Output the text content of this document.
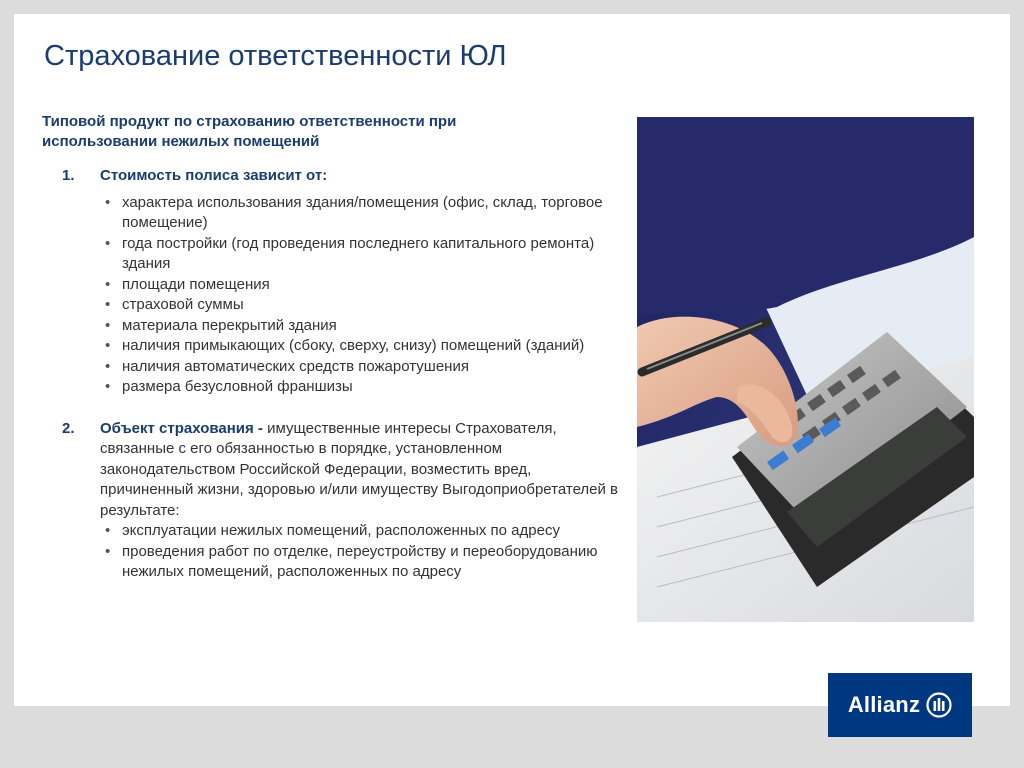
Страхование ответственности ЮЛ

Типовой продукт по страхованию ответственности при использовании нежилых помещений

1. Стоимость полиса зависит от:
• характера использования здания/помещения (офис, склад, торговое помещение)
• года постройки (год проведения последнего капитального ремонта) здания
• площади помещения
• страховой суммы
• материала перекрытий здания
• наличия примыкающих (сбоку, сверху, снизу) помещений (зданий)
• наличия автоматических средств пожаротушения
• размера безусловной франшизы
2. Объект страхования - имущественные интересы Страхователя, связанные с его обязанностью в порядке, установленном законодательством Российской Федерации, возместить вред, причиненный жизни, здоровью и/или имуществу Выгодоприобретателей в результате:
• эксплуатации нежилых помещений, расположенных по адресу
• проведения работ по отделке, переустройству и переоборудованию нежилых помещений, расположенных по адресу
Allianz
